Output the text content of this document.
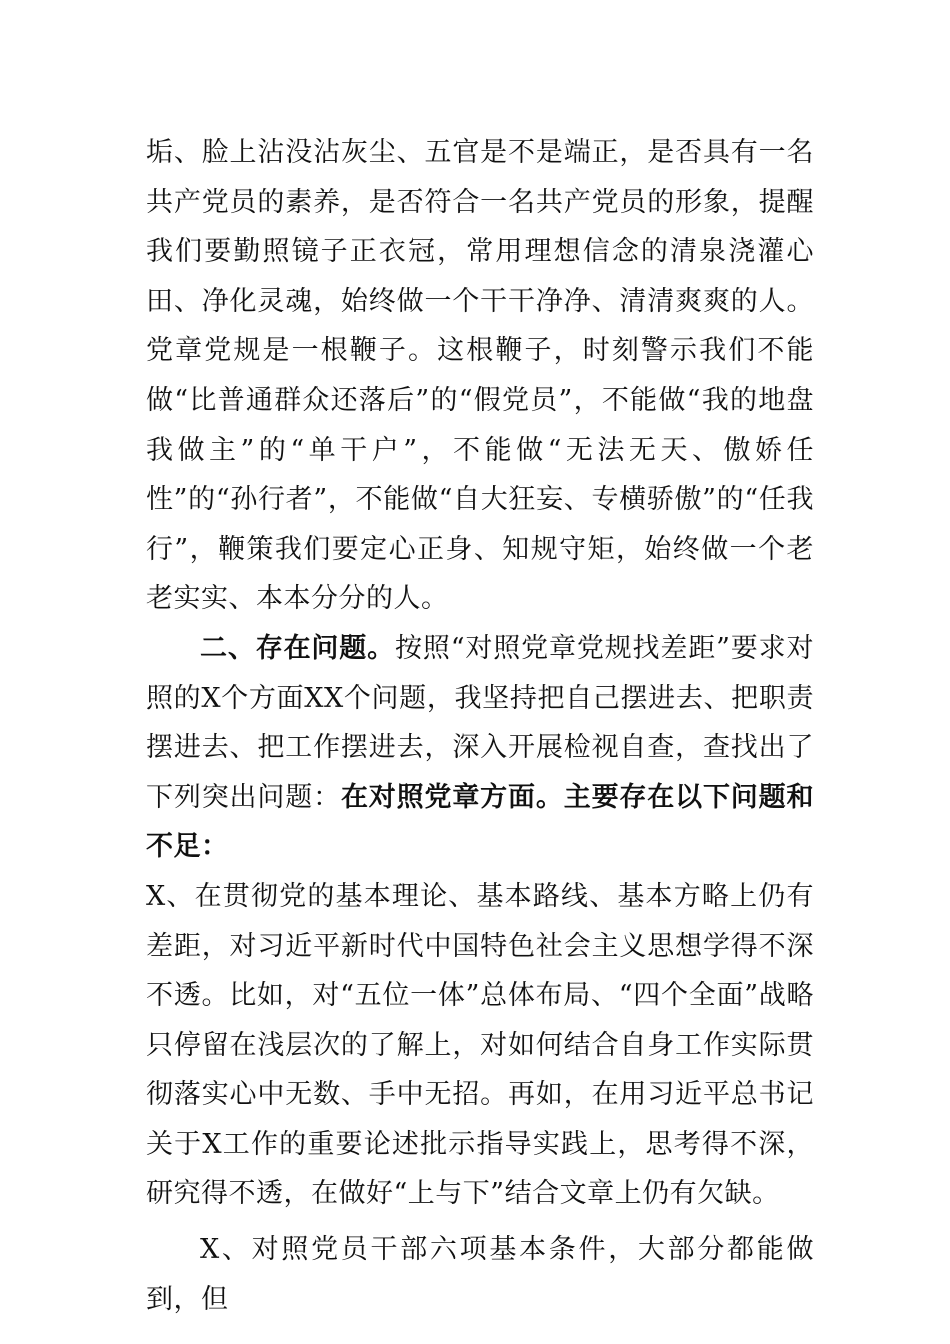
垢、脸上沾没沾灰尘、五官是不是端正，是否具有一名共产党员的素养，是否符合一名共产党员的形象，提醒我们要勤照镜子正衣冠，常用理想信念的清泉浇灌心田、净化灵魂，始终做一个干干净净、清清爽爽的人。党章党规是一根鞭子。这根鞭子，时刻警示我们不能做“比普通群众还落后”的“假党员”，不能做“我的地盘我做主”的“单干户”，不能做“无法无天、傲娇任性”的“孙行者”，不能做“自大狂妄、专横骄傲”的“任我行”，鞭策我们要定心正身、知规守矩，始终做一个老老实实、本本分分的人。

二、存在问题。按照“对照党章党规找差距”要求对照的X个方面XX个问题，我坚持把自己摆进去、把职责摆进去、把工作摆进去，深入开展检视自查，查找出了下列突出问题：在对照党章方面。主要存在以下问题和不足：

X、在贯彻党的基本理论、基本路线、基本方略上仍有差距，对习近平新时代中国特色社会主义思想学得不深不透。比如，对“五位一体”总体布局、“四个全面”战略只停留在浅层次的了解上，对如何结合自身工作实际贯彻落实心中无数、手中无招。再如，在用习近平总书记关于X工作的重要论述批示指导实践上，思考得不深，研究得不透，在做好“上与下”结合文章上仍有欠缺。

X、对照党员干部六项基本条件，大部分都能做到，但
